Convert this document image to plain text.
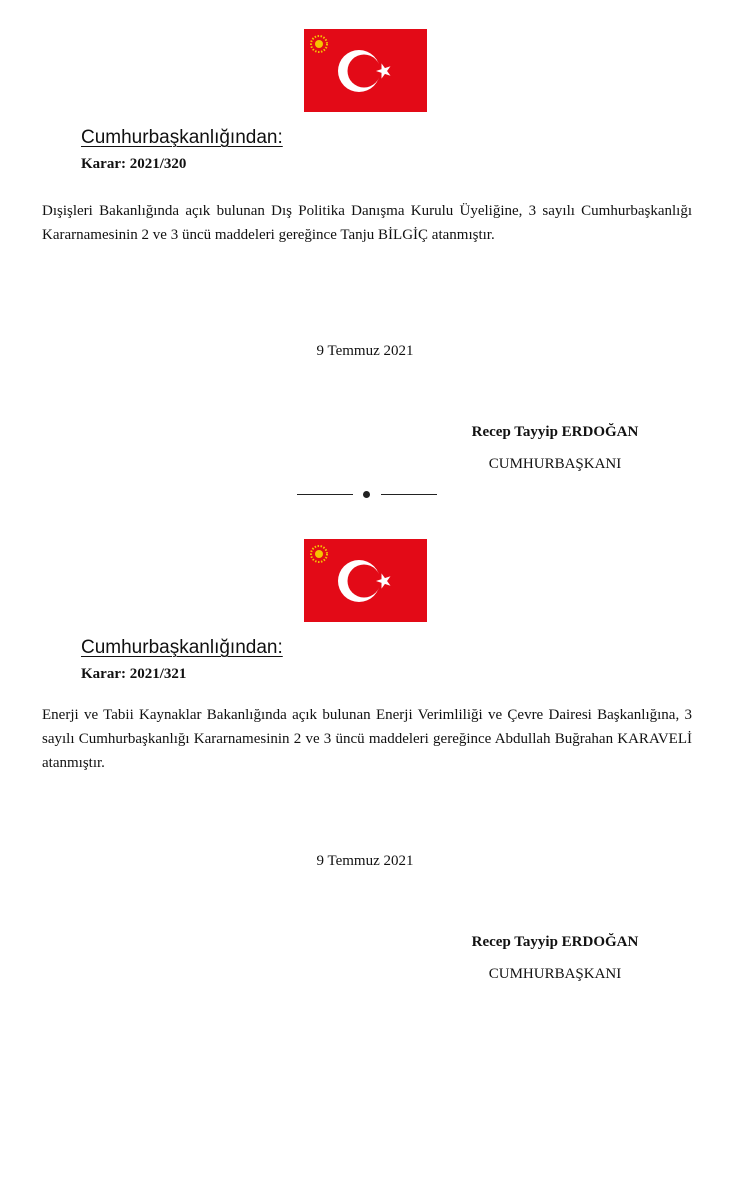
Cumhurbaşkanlığından:
Karar: 2021/320
Dışişleri Bakanlığında açık bulunan Dış Politika Danışma Kurulu Üyeliğine, 3 sayılı Cumhurbaşkanlığı Kararnamesinin 2 ve 3 üncü maddeleri gereğince Tanju BİLGİÇ atanmıştır.
9 Temmuz 2021
Recep Tayyip ERDOĞAN
CUMHURBAŞKANI
Cumhurbaşkanlığından:
Karar: 2021/321
Enerji ve Tabii Kaynaklar Bakanlığında açık bulunan Enerji Verimliliği ve Çevre Dairesi Başkanlığına, 3 sayılı Cumhurbaşkanlığı Kararnamesinin 2 ve 3 üncü maddeleri gereğince Abdullah Buğrahan KARAVELİ atanmıştır.
9 Temmuz 2021
Recep Tayyip ERDOĞAN
CUMHURBAŞKANI
